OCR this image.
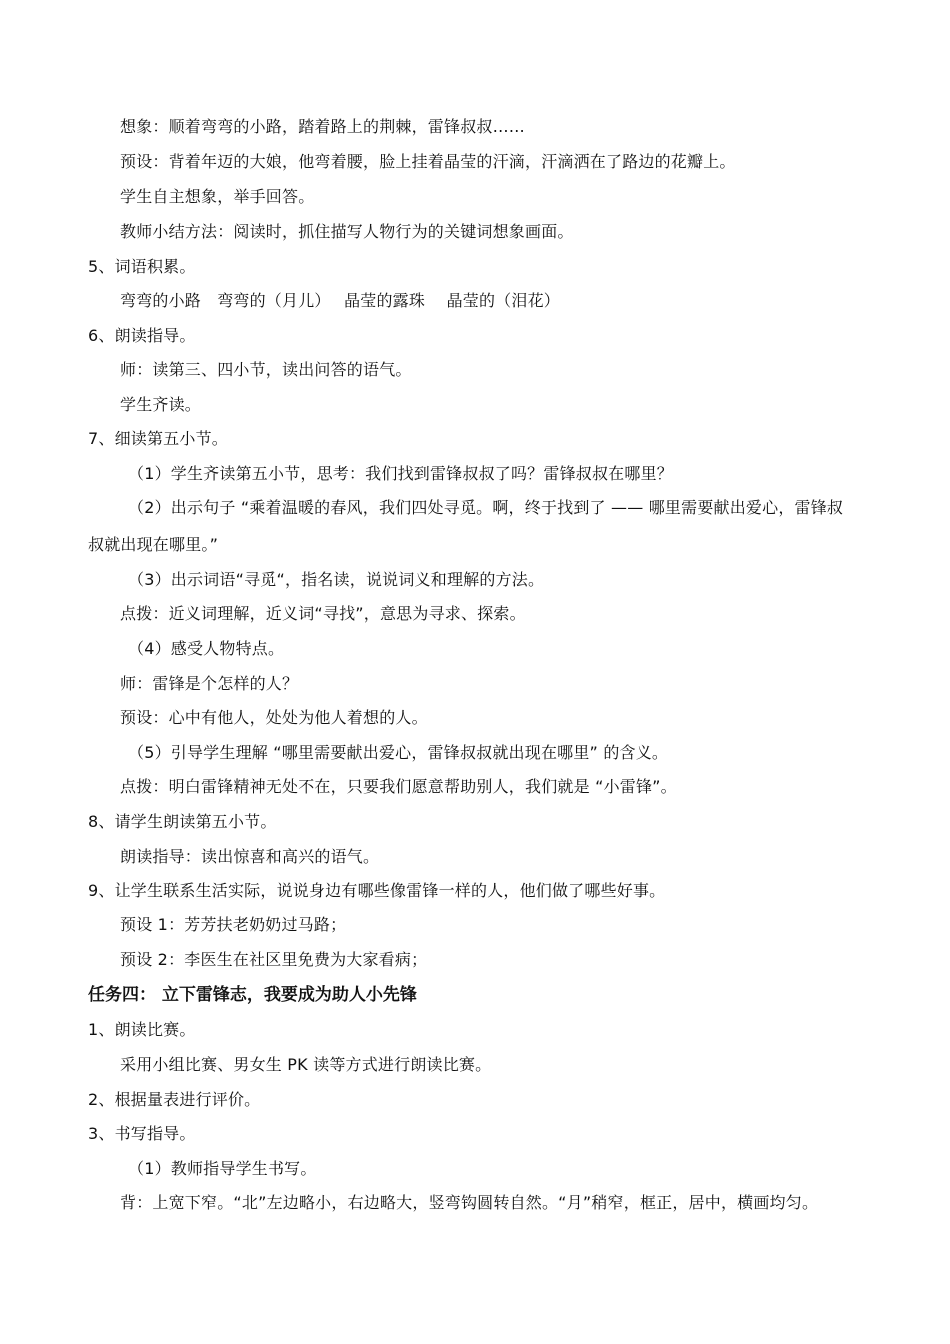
想象：顺着弯弯的小路，踏着路上的荆棘，雷锋叔叔……
预设：背着年迈的大娘，他弯着腰，脸上挂着晶莹的汗滴，汗滴洒在了路边的花瓣上。
学生自主想象，举手回答。
教师小结方法：阅读时，抓住描写人物行为的关键词想象画面。
5、词语积累。
弯弯的小路　弯弯的（月儿）　 晶莹的露珠　 晶莹的（泪花）
6、朗读指导。
师：读第三、四小节，读出问答的语气。
学生齐读。
7、细读第五小节。
（1）学生齐读第五小节，思考：我们找到雷锋叔叔了吗？雷锋叔叔在哪里？
（2）出示句子 “乘着温暖的春风，我们四处寻觅。啊，终于找到了 —— 哪里需要献出爱心，雷锋叔
叔就出现在哪里。”
（3）出示词语“寻觅“，指名读，说说词义和理解的方法。
点拨：近义词理解，近义词“寻找”，意思为寻求、探索。
（4）感受人物特点。
师：雷锋是个怎样的人？
预设：心中有他人，处处为他人着想的人。
（5）引导学生理解 “哪里需要献出爱心，雷锋叔叔就出现在哪里” 的含义。
点拨：明白雷锋精神无处不在，只要我们愿意帮助别人，我们就是 “小雷锋”。
8、请学生朗读第五小节。
朗读指导：读出惊喜和高兴的语气。
9、让学生联系生活实际，说说身边有哪些像雷锋一样的人，他们做了哪些好事。
预设 1：芳芳扶老奶奶过马路；
预设 2：李医生在社区里免费为大家看病；
任务四： 立下雷锋志，我要成为助人小先锋
1、朗读比赛。
采用小组比赛、男女生 PK 读等方式进行朗读比赛。
2、根据量表进行评价。
3、书写指导。
（1）教师指导学生书写。
背：上宽下窄。“北”左边略小，右边略大，竖弯钩圆转自然。“月”稍窄，框正，居中，横画均匀。
